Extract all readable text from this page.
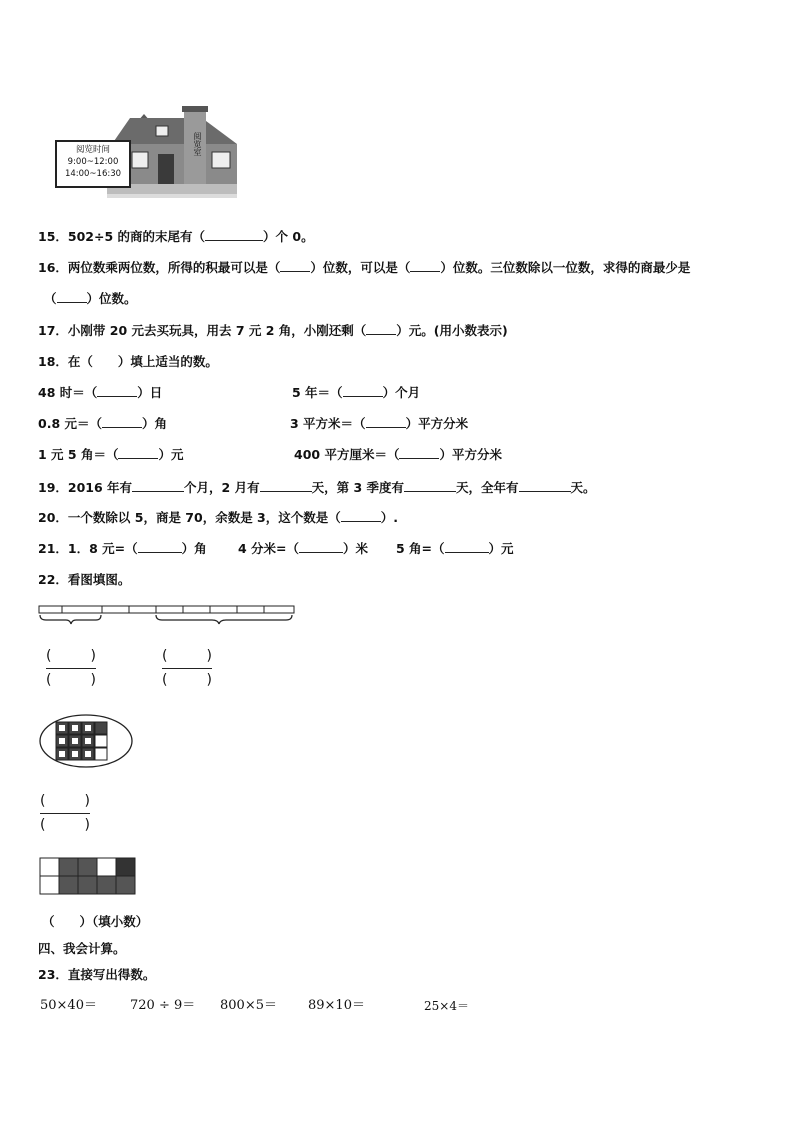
阅览室
阅览时间
9:00~12:00
14:00~16:30
15．502÷5 的商的末尾有（	）个 0。
16．两位数乘两位数，所得的积最可以是（ ）位数，可以是（ ）位数。三位数除以一位数，求得的商最少是
（ ）位数。
17．小刚带 20 元去买玩具，用去 7 元 2 角，小刚还剩（ ）元。(用小数表示)
18．在（　　）填上适当的数。
48 时＝（	）日	5 年＝（	）个月
0.8 元＝（	）角	3 平方米＝（	）平方分米
1 元 5 角＝（	）元	400 平方厘米＝（	）平方分米
19．2016 年有	个月，2 月有	天，第 3 季度有	天，全年有	天。
20．一个数除以 5，商是 70，余数是 3，这个数是（	）.
21．1．8 元=（	）角	4 分米=（	）米 5 角=（	）元
22．看图填图。
(	)
(	)
(	)
(	)
(	)
(	)
（　　）（填小数）
四、我会计算。
23．直接写出得数。
50×40＝	720 ÷ 9＝ 800×5＝ 89×10＝	25×4＝
